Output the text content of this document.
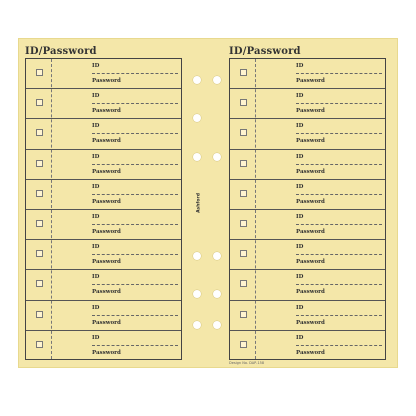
ID/Password
ID
Password
ID
Password
ID
Password
ID
Password
ID
Password
ID
Password
ID
Password
ID
Password
ID
Password
ID
Password
ID/Password
ID
Password
ID
Password
ID
Password
ID
Password
ID
Password
ID
Password
ID
Password
ID
Password
ID
Password
ID
Password
Ashford
Design No. DAP-158
